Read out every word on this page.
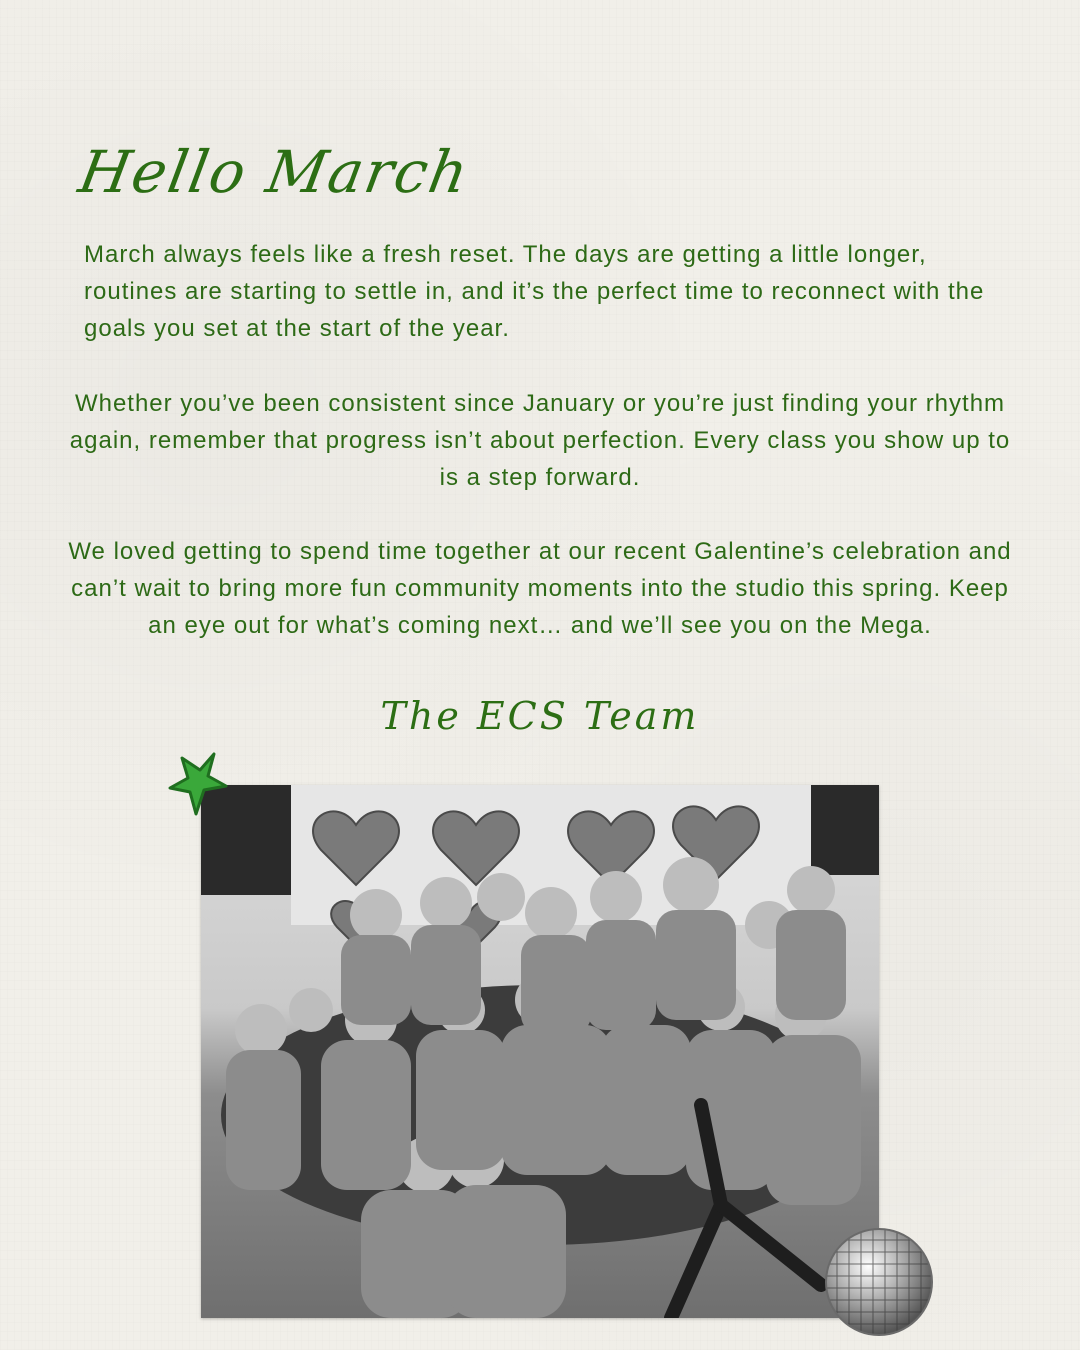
Hello March

March always feels like a fresh reset. The days are getting a little longer, routines are starting to settle in, and it’s the perfect time to reconnect with the goals you set at the start of the year.

Whether you’ve been consistent since January or you’re just finding your rhythm again, remember that progress isn’t about perfection. Every class you show up to is a step forward.

We loved getting to spend time together at our recent Galentine’s celebration and can’t wait to bring more fun community moments into the studio this spring. Keep an eye out for what’s coming next… and we’ll see you on the Mega.

The ECS Team
